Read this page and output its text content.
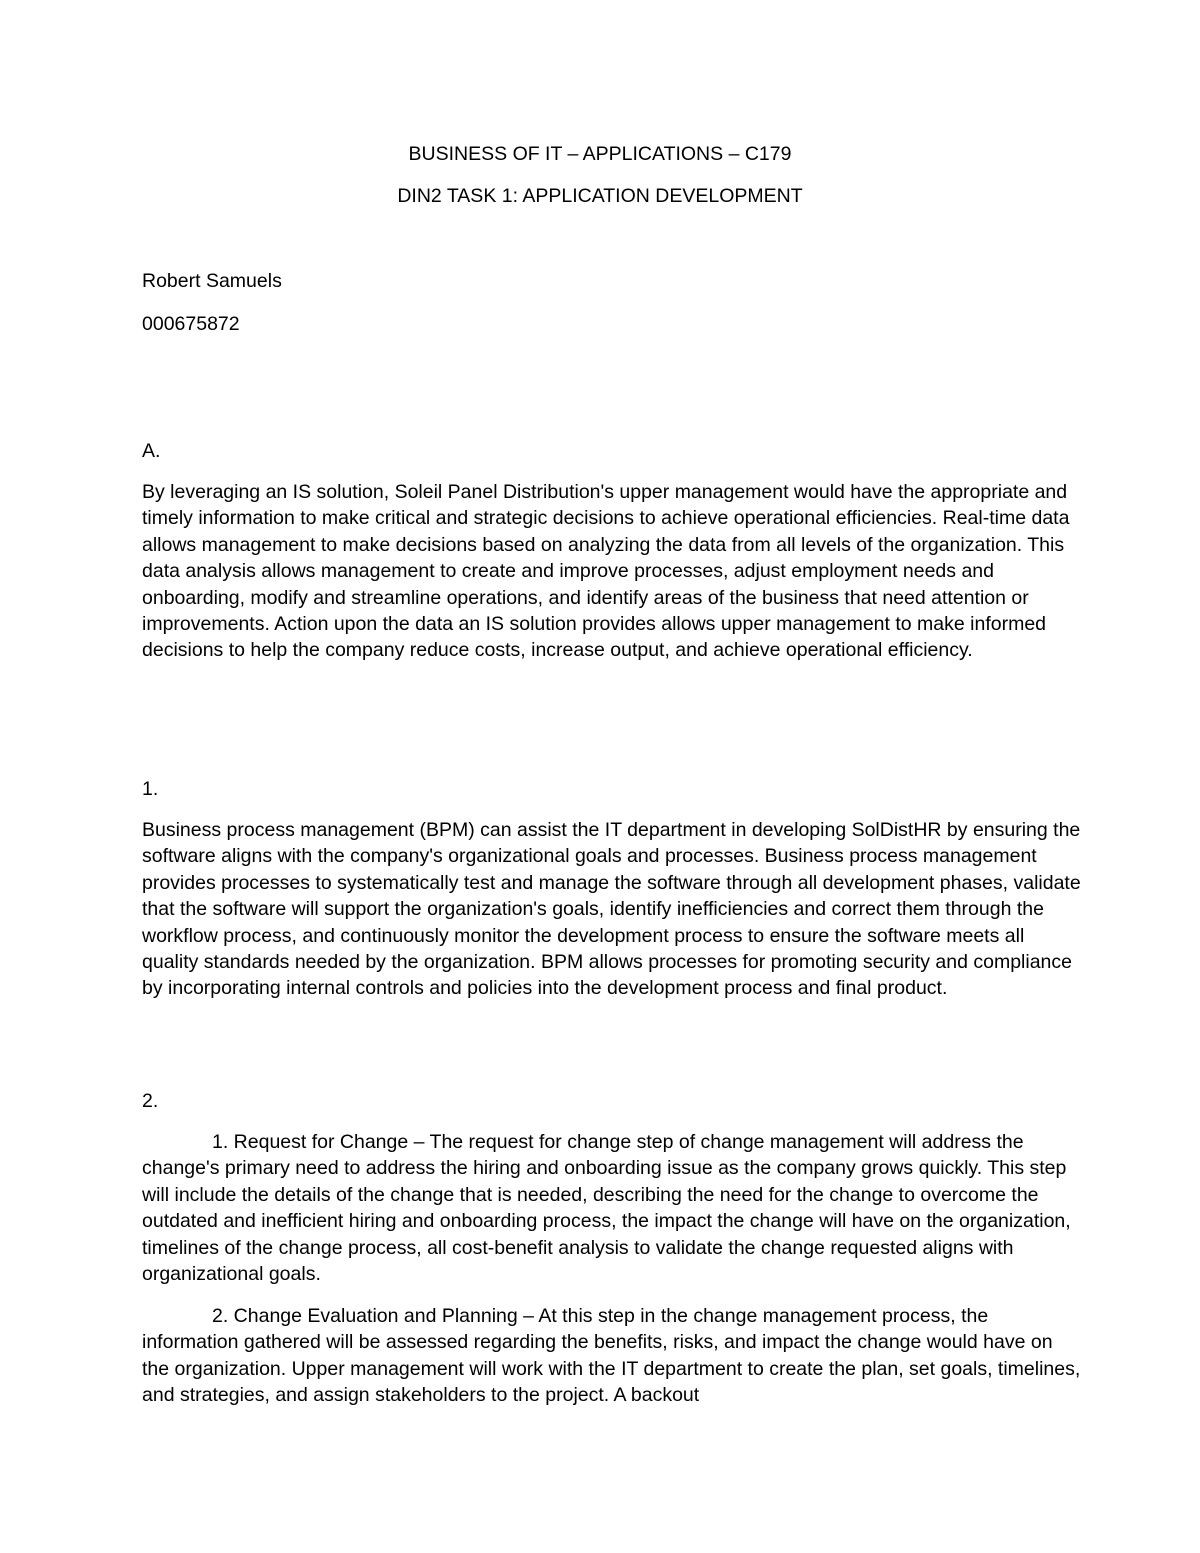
BUSINESS OF IT – APPLICATIONS – C179
DIN2 TASK 1: APPLICATION DEVELOPMENT
Robert Samuels
000675872
A.

By leveraging an IS solution, Soleil Panel Distribution's upper management would have the appropriate and timely information to make critical and strategic decisions to achieve operational efficiencies. Real-time data allows management to make decisions based on analyzing the data from all levels of the organization. This data analysis allows management to create and improve processes, adjust employment needs and onboarding, modify and streamline operations, and identify areas of the business that need attention or improvements. Action upon the data an IS solution provides allows upper management to make informed decisions to help the company reduce costs, increase output, and achieve operational efficiency.

1.

Business process management (BPM) can assist the IT department in developing SolDistHR by ensuring the software aligns with the company's organizational goals and processes. Business process management provides processes to systematically test and manage the software through all development phases, validate that the software will support the organization's goals, identify inefficiencies and correct them through the workflow process, and continuously monitor the development process to ensure the software meets all quality standards needed by the organization. BPM allows processes for promoting security and compliance by incorporating internal controls and policies into the development process and final product.

2.

1. Request for Change – The request for change step of change management will address the change's primary need to address the hiring and onboarding issue as the company grows quickly. This step will include the details of the change that is needed, describing the need for the change to overcome the outdated and inefficient hiring and onboarding process, the impact the change will have on the organization, timelines of the change process, all cost-benefit analysis to validate the change requested aligns with organizational goals.

2. Change Evaluation and Planning – At this step in the change management process, the information gathered will be assessed regarding the benefits, risks, and impact the change would have on the organization. Upper management will work with the IT department to create the plan, set goals, timelines, and strategies, and assign stakeholders to the project. A backout
